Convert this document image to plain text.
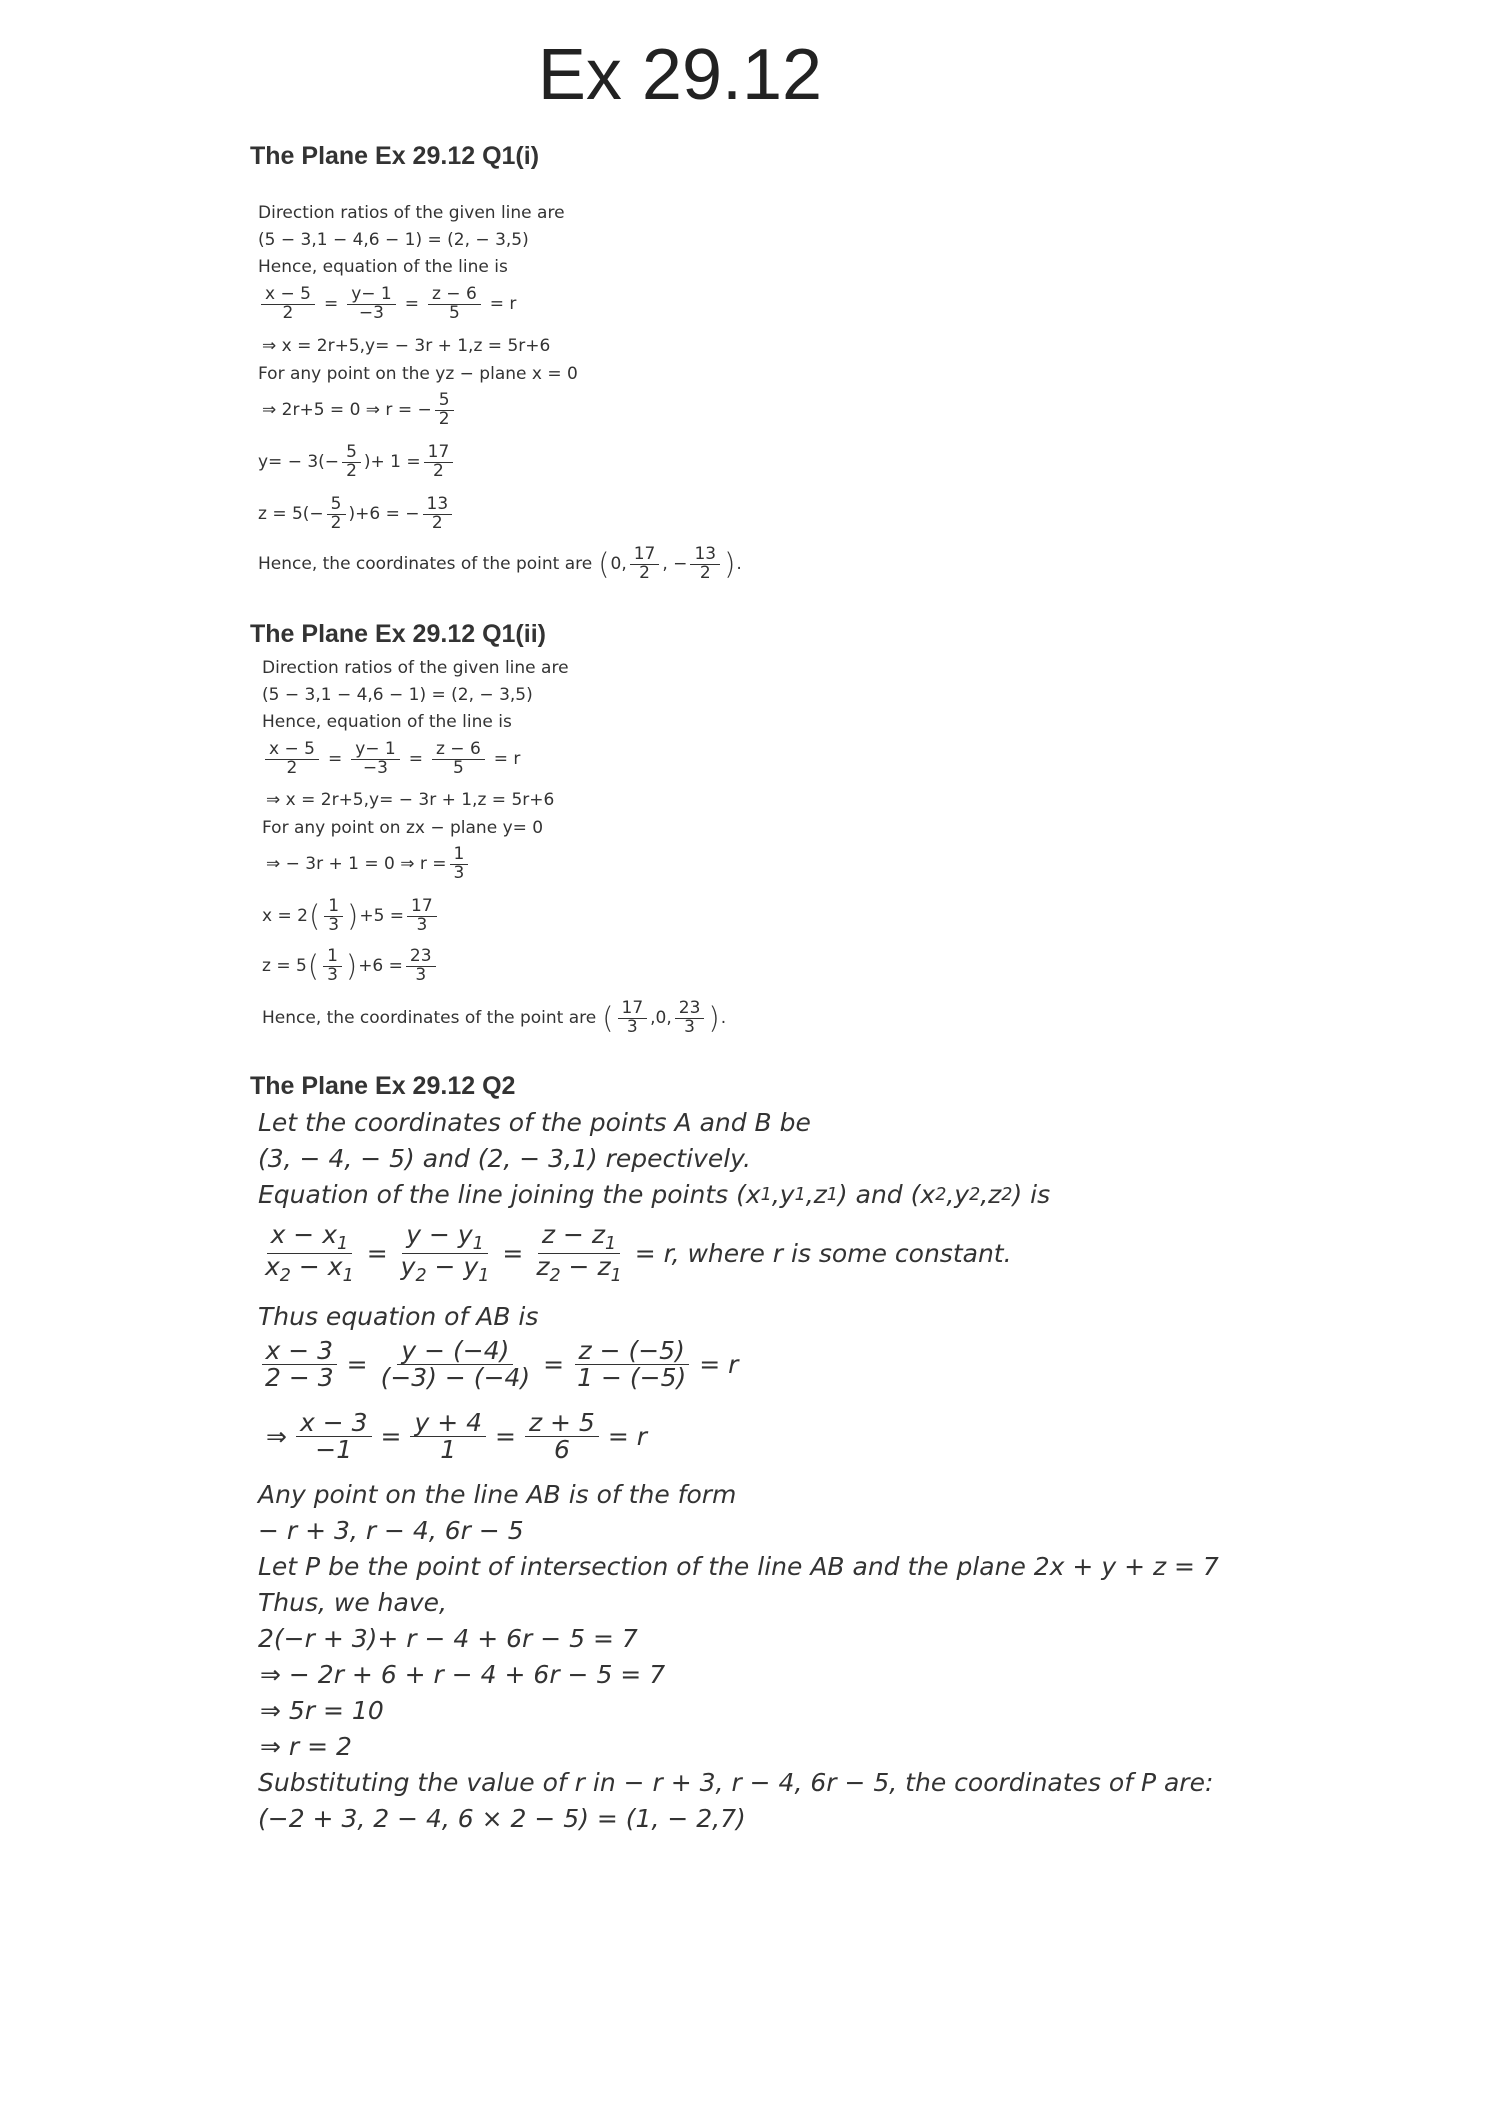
Ex 29.12
The Plane Ex 29.12 Q1(i)
Direction ratios of the given line are
(5 − 3,1 − 4,6 − 1) = (2, − 3,5)
Hence, equation of the line is
$\frac{x - 5}{2} = \frac{y- 1}{-3} = \frac{z - 6}{5} = r$
⇒ x = 2r+5,y= − 3r + 1,z = 5r+6
For any point on the yz − plane x = 0
⇒ 2r+5 = 0 ⇒ r = − $\frac{5}{2}$
$y= - 3(- \frac{5}{2}$ )+ $1 = \frac{17}{2}$
$z = 5(- \frac{5}{2} )+6$ = − $\frac{13}{2}$
Hence, the coordinates of the point are ( 0, $\frac{17}{2}$ , − $\frac{13}{2}$ ) .
The Plane Ex 29.12 Q1(ii)
Direction ratios of the given line are
(5 − 3,1 − 4,6 − 1) = (2, − 3,5)
Hence, equation of the line is
$\frac{x - 5}{2} = \frac{y- 1}{-3} = \frac{z - 6}{5} = r$
⇒ x = 2r+5,y= − 3r + 1,z = 5r+6
For any point on zx − plane y= 0
⇒ − 3r + 1 = 0 ⇒ $r = \frac{1}{3}$
x = 2 ( $\frac{1}{3}$ ) $+5 = \frac{17}{3}$
z = 5 ( $\frac{1}{3}$ ) $+6 = \frac{23}{3}$
Hence, the coordinates of the point are ( $\frac{17}{3} ,0$, $\frac{23}{3}$ ) .
The Plane Ex 29.12 Q2
Let the coordinates of the points A and B be
(3, − 4, − 5) and (2, − 3,1) repectively.
Equation of the line joining the points
(x 1 ,y 1 ,z 1 ) and (x 2 ,y 2 ,z 2 ) is
$\frac{x - x_1}{x_2 - x_1} = \frac{y - y_1}{y_2 - y_1} = \frac{z - z_1}{z_2 - z_1} = r$, where r is some constant.
Thus equation of AB is
$\frac{x - 3}{2 - 3} = \frac{y - (-4)}{(-3) - (-4)} = \frac{z - (-5)}{1 - (-5)} = r$
⇒ $\frac{x - 3}{-1} = \frac{y + 4}{1} = \frac{z + 5}{6} = r$
Any point on the line AB is of the form
− r + 3, r − 4, 6r − 5
Let P be the point of intersection of the line AB and the plane 2x + y + z = 7
Thus, we have,
2(−r + 3)+ r − 4 + 6r − 5 = 7
⇒ − 2r + 6 + r − 4 + 6r − 5 = 7
⇒ 5r = 10
⇒ r = 2
Substituting the value of r in − r + 3, r − 4, 6r − 5, the coordinates of P are:
(−2 + 3, 2 − 4, 6 × 2 − 5) = (1, − 2,7)
